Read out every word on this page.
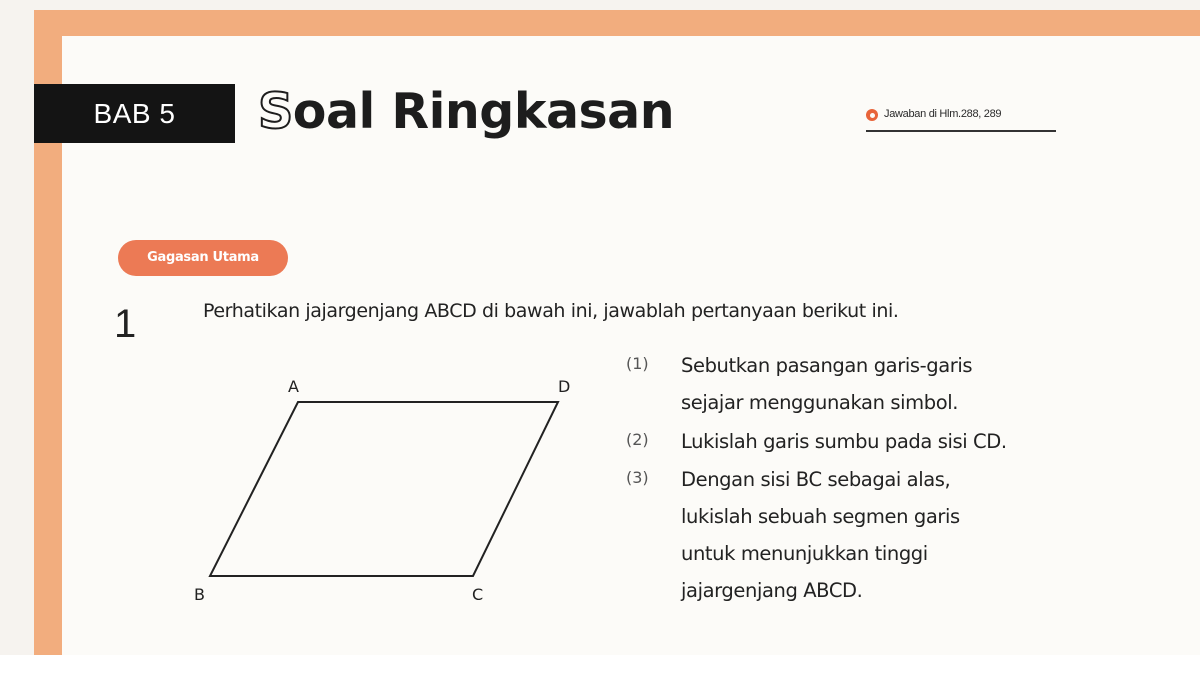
BAB 5	Soal Ringkasan	Jawaban di Hlm.288, 289
Gagasan Utama
1	Perhatikan jajargenjang ABCD di bawah ini, jawablah pertanyaan berikut ini.
A	D
B	C
(1) Sebutkan pasangan garis-garis
sejajar menggunakan simbol.
(2) Lukislah garis sumbu pada sisi CD.
(3) Dengan sisi BC sebagai alas,
lukislah sebuah segmen garis
untuk menunjukkan tinggi
jajargenjang ABCD.
